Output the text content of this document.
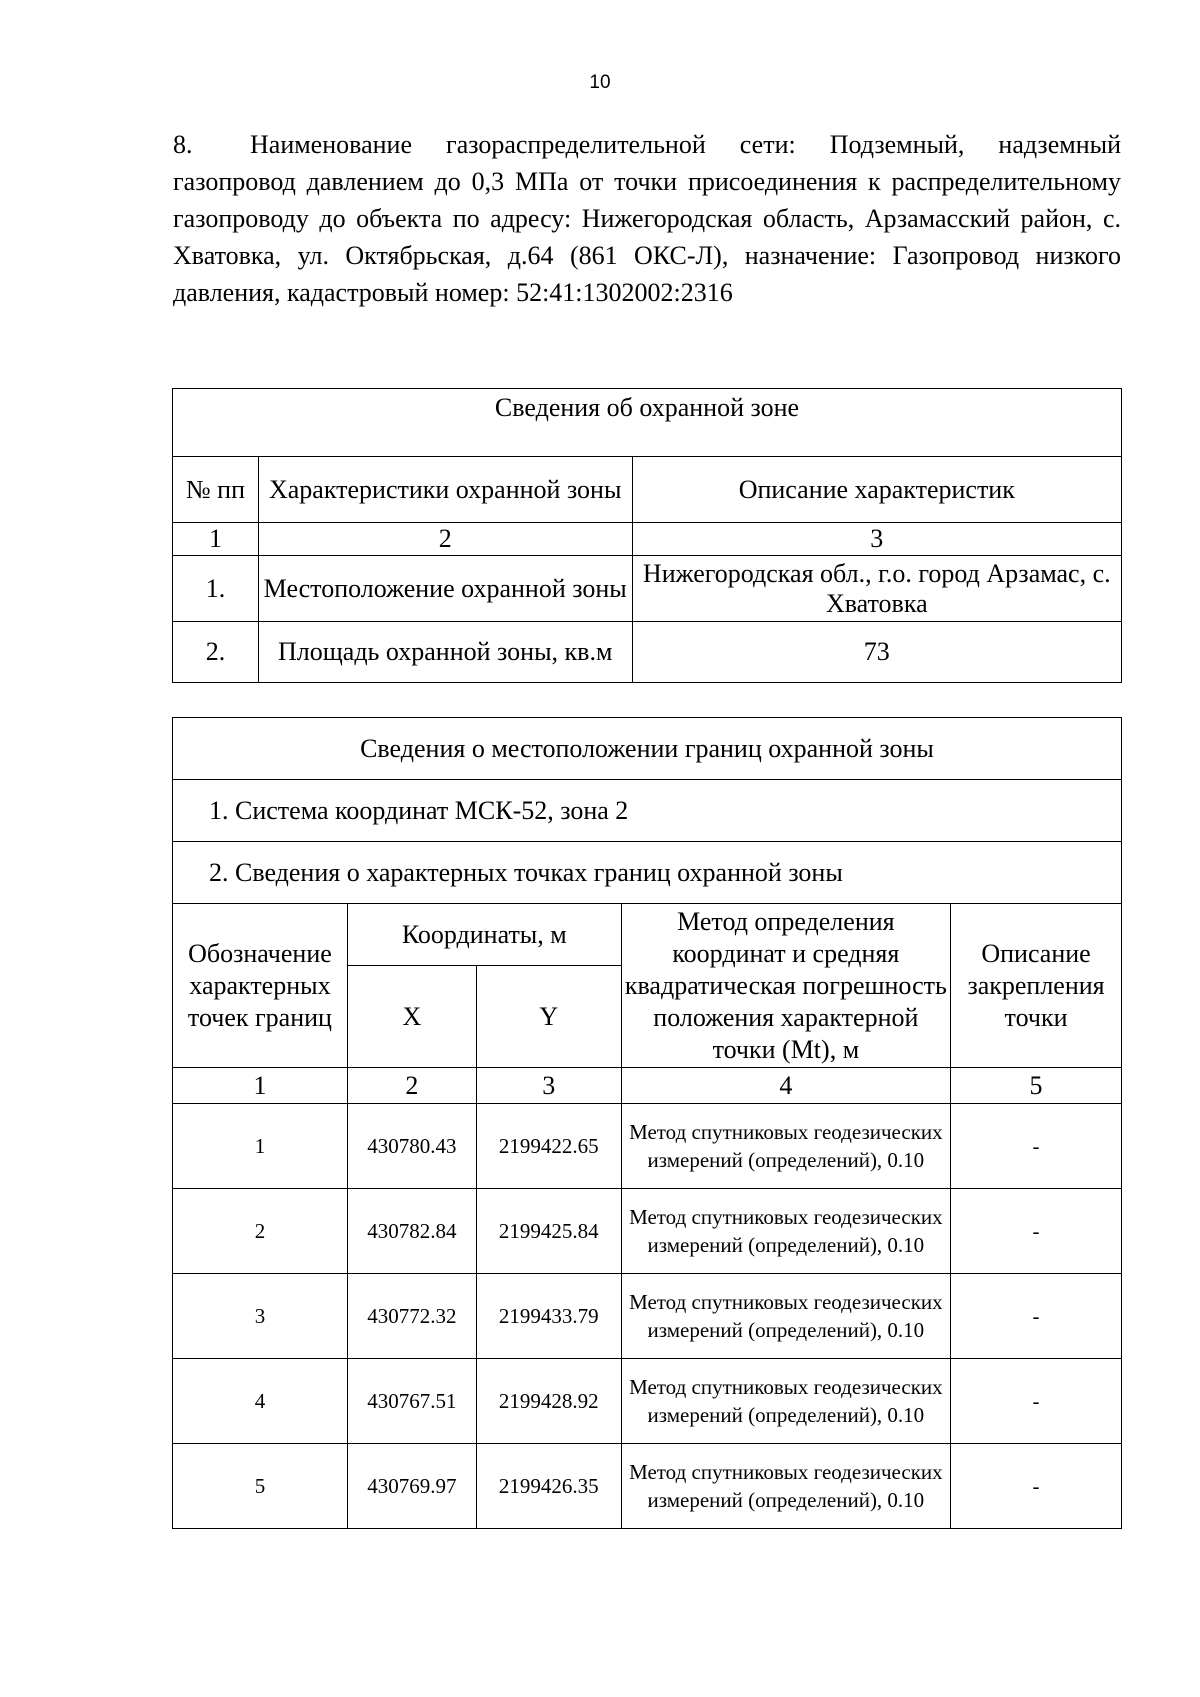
10
8. Наименование газораспределительной сети: Подземный, надземный газопровод давлением до 0,3 МПа от точки присоединения к распределительному газопроводу до объекта по адресу: Нижегородская область, Арзамасский район, с. Хватовка, ул. Октябрьская, д.64 (861 ОКС-Л), назначение: Газопровод низкого давления, кадастровый номер: 52:41:1302002:2316
Сведения об охранной зоне		
№ пп	Характеристики охранной зоны	Описание характеристик
1	2	3
1.	Местоположение охранной зоны	Нижегородская обл., г.о. город Арзамас, с. Хватовка
2.	Площадь охранной зоны, кв.м	73
Сведения о местоположении границ охранной зоны				
1. Система координат МСК-52, зона 2				
2. Сведения о характерных точках границ охранной зоны				
Обозначение характерных точек границ	Координаты, м		Метод определения координат и средняя квадратическая погрешность положения характерной точки (Mt), м	Описание закрепления точки
	X	Y		
1	2	3	4	5
1	430780.43	2199422.65	Метод спутниковых геодезических измерений (определений), 0.10	-
2	430782.84	2199425.84	Метод спутниковых геодезических измерений (определений), 0.10	-
3	430772.32	2199433.79	Метод спутниковых геодезических измерений (определений), 0.10	-
4	430767.51	2199428.92	Метод спутниковых геодезических измерений (определений), 0.10	-
5	430769.97	2199426.35	Метод спутниковых геодезических измерений (определений), 0.10	-
